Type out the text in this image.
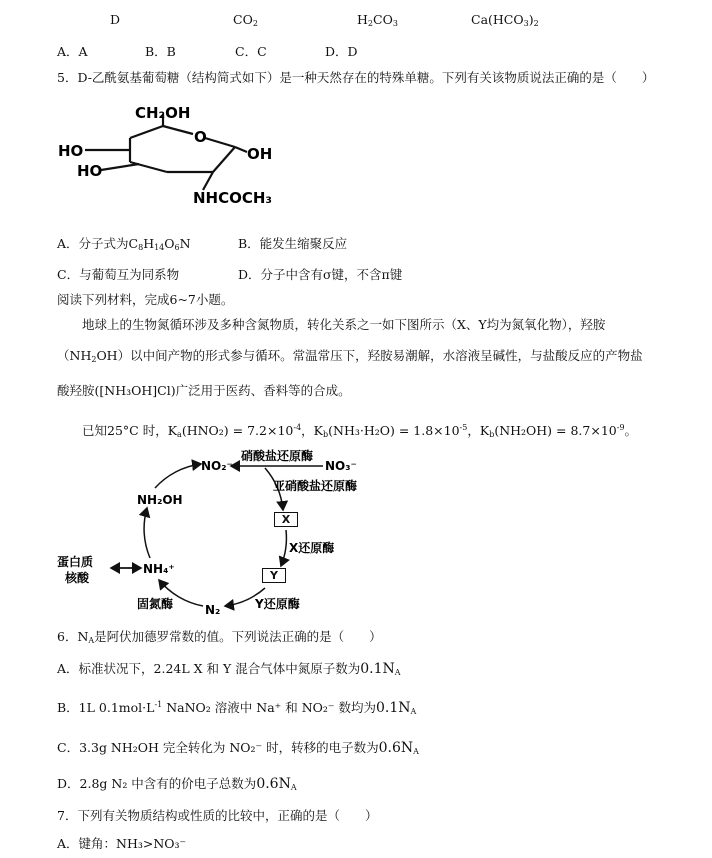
D	$CO_2$	$H_2CO_3$	$Ca(HCO_3)_2$
A．A	B．B	C．C	D．D
5．D-乙酰氨基葡萄糖（结构简式如下）是一种天然存在的特殊单糖。下列有关该物质说法正确的是（　　）
CH₂OH
HO
HO
O
OH
NHCOCH₃
A．分子式为$C_8H_{14}O_6N$	B．能发生缩聚反应
C．与葡萄互为同系物	D．分子中含有σ键，不含π键
阅读下列材料，完成6~7小题。
地球上的生物氮循环涉及多种含氮物质，转化关系之一如下图所示（X、Y均为氮氧化物），羟胺
$(NH_2OH)$以中间产物的形式参与循环。常温常压下，羟胺易潮解，水溶液呈碱性，与盐酸反应的产物盐
酸羟胺([NH₃OH]Cl)广泛用于医药、香料等的合成。
已知25°C 时，$K_a(HNO_2) = 7.2\times 10^{-4}$，$K_b(NH_3\cdot H_2O) = 1.8\times 10^{-5}$，$K_b(NH_2OH) = 8.7\times 10^{-9}$。
NO₂⁻	NO₃⁻
硝酸盐还原酶
亚硝酸盐还原酶
X还原酶
Y还原酶
N₂
固氮酶
NH₄⁺
NH₂OH
蛋白质
核酸
X
Y
6．$N_A$是阿伏加德罗常数的值。下列说法正确的是（　　）
A．标准状况下，2.24L X 和 Y 混合气体中氮原子数为$0.1N_A$
B．1L $0.1mol\cdot L^{-1}$ NaNO₂ 溶液中 Na⁺ 和 NO₂⁻ 数均为$0.1N_A$
C．3.3g NH₂OH 完全转化为 NO₂⁻ 时，转移的电子数为$0.6N_A$
D．2.8g N₂ 中含有的价电子总数为$0.6N_A$
7．下列有关物质结构或性质的比较中，正确的是（　　）
A．键角：NH₃>NO₃⁻
